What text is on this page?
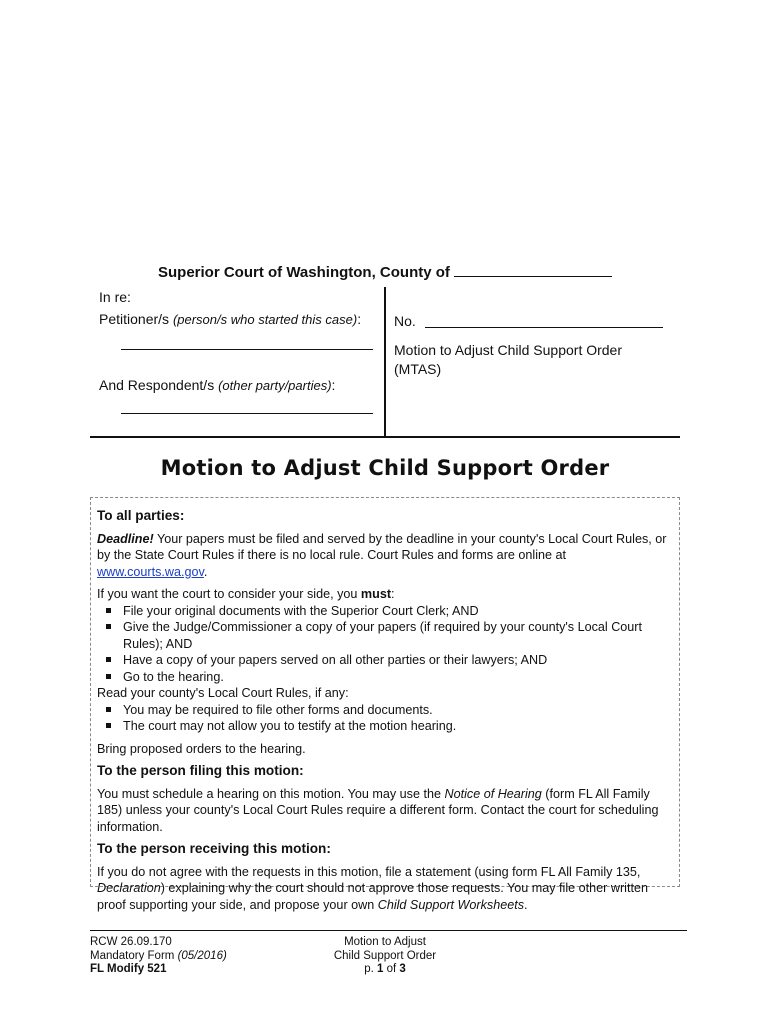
Superior Court of Washington, County of
In re:
Petitioner/s (person/s who started this case):
And Respondent/s (other party/parties):
No.
Motion to Adjust Child Support Order
(MTAS)
Motion to Adjust Child Support Order

To all parties:

Deadline! Your papers must be filed and served by the deadline in your county's Local Court Rules, or by the State Court Rules if there is no local rule. Court Rules and forms are online at www.courts.wa.gov.

If you want the court to consider your side, you must:

File your original documents with the Superior Court Clerk; AND

Give the Judge/Commissioner a copy of your papers (if required by your county's Local Court Rules); AND

Have a copy of your papers served on all other parties or their lawyers; AND

Go to the hearing.

Read your county's Local Court Rules, if any:

You may be required to file other forms and documents.

The court may not allow you to testify at the motion hearing.

Bring proposed orders to the hearing.

To the person filing this motion:

You must schedule a hearing on this motion. You may use the Notice of Hearing (form FL All Family 185) unless your county's Local Court Rules require a different form. Contact the court for scheduling information.

To the person receiving this motion:

If you do not agree with the requests in this motion, file a statement (using form FL All Family 135, Declaration) explaining why the court should not approve those requests. You may file other written proof supporting your side, and propose your own Child Support Worksheets.

RCW 26.09.170
Mandatory Form (05/2016)
FL Modify 521
Motion to Adjust
Child Support Order
p. 1 of 3
